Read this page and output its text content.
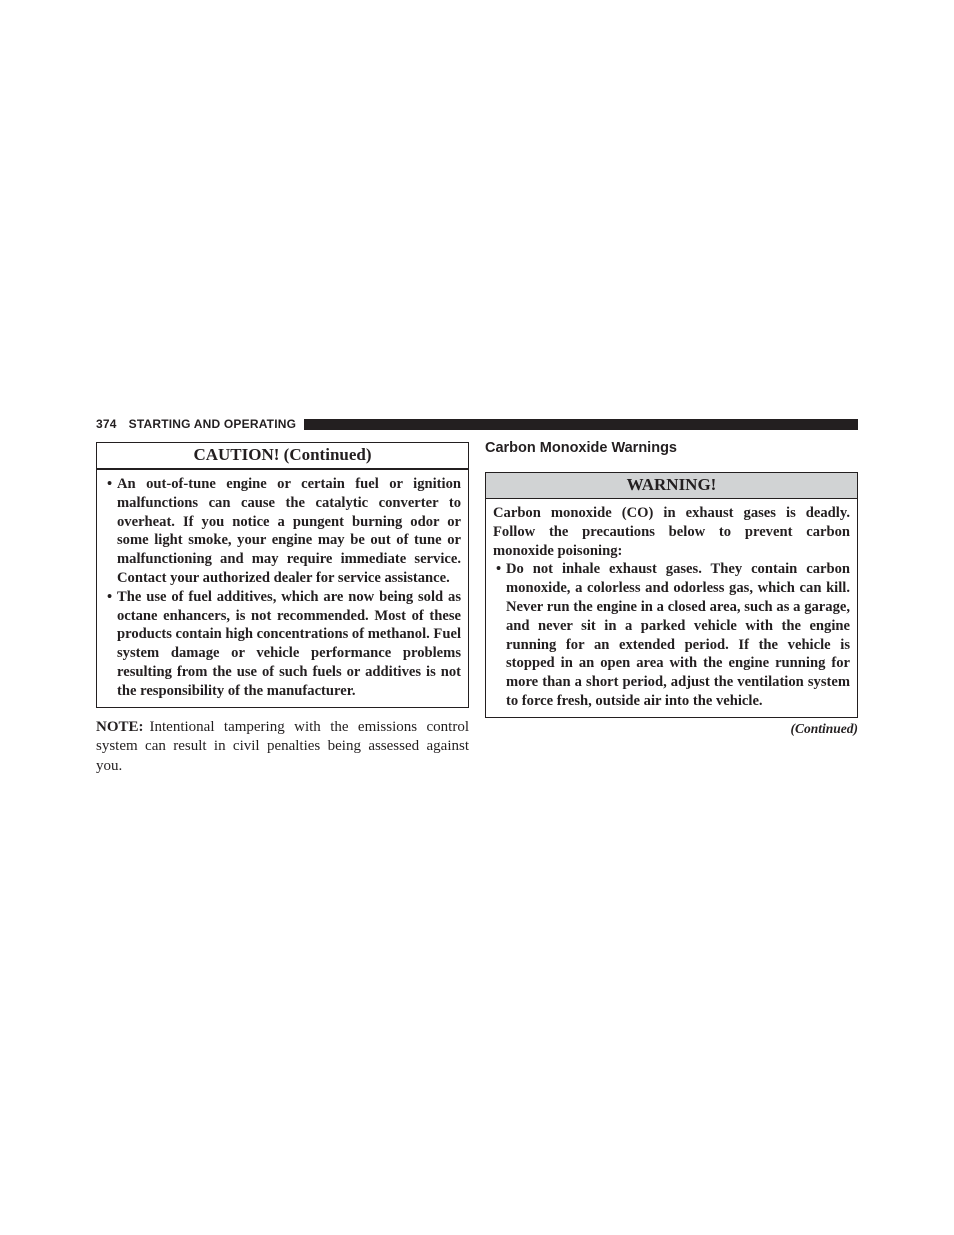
374 STARTING AND OPERATING
CAUTION! (Continued)
• An out-of-tune engine or certain fuel or ignition malfunctions can cause the catalytic converter to overheat. If you notice a pungent burning odor or some light smoke, your engine may be out of tune or malfunctioning and may require immediate service. Contact your authorized dealer for service assistance.
• The use of fuel additives, which are now being sold as octane enhancers, is not recommended. Most of these products contain high concentrations of methanol. Fuel system damage or vehicle performance problems resulting from the use of such fuels or additives is not the responsibility of the manufacturer.

NOTE: Intentional tampering with the emissions control system can result in civil penalties being assessed against you.

Carbon Monoxide Warnings
WARNING!

Carbon monoxide (CO) in exhaust gases is deadly. Follow the precautions below to prevent carbon monoxide poisoning:

• Do not inhale exhaust gases. They contain carbon monoxide, a colorless and odorless gas, which can kill. Never run the engine in a closed area, such as a garage, and never sit in a parked vehicle with the engine running for an extended period. If the vehicle is stopped in an open area with the engine running for more than a short period, adjust the ventilation system to force fresh, outside air into the vehicle.
(Continued)
